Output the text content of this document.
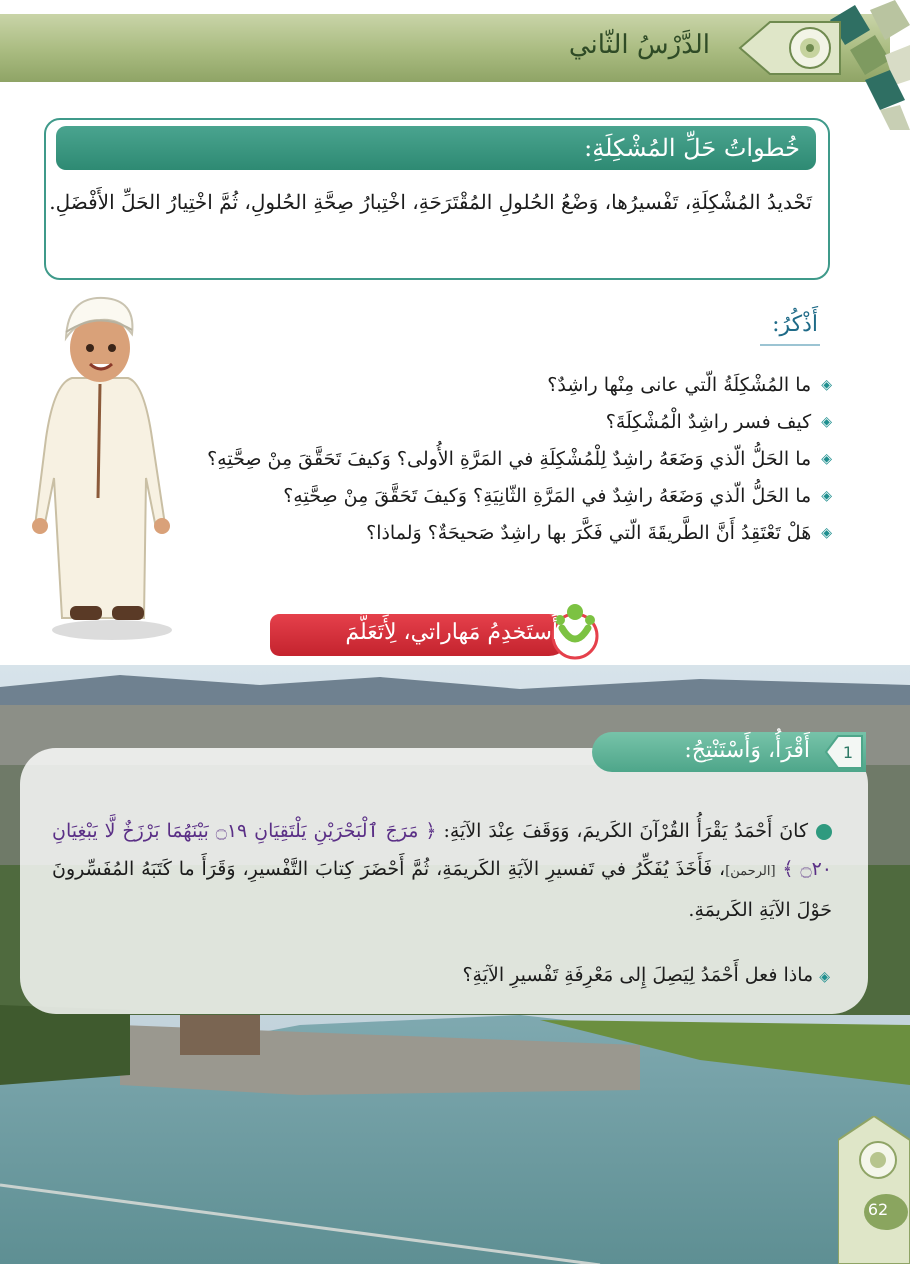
الدَّرْسُ الثّاني
خُطواتُ حَلِّ المُشْكِلَةِ:
تَحْديدُ المُشْكِلَةِ، تَفْسيرُها، وَضْعُ الحُلولِ المُقْتَرَحَةِ، اخْتِبارُ صِحَّةِ الحُلولِ، ثُمَّ اخْتِيارُ الحَلِّ الأَفْضَلِ.
أَذْكُرُ:
◈
ما المُشْكِلَةُ الّتي عانى مِنْها راشِدٌ؟
◈
كيف فسر راشِدٌ الْمُشْكِلَةَ؟
◈
ما الحَلُّ الّذي وَضَعَهُ راشِدٌ لِلْمُشْكِلَةِ في المَرَّةِ الأُولى؟ وَكيفَ تَحَقَّقَ مِنْ صِحَّتِهِ؟
◈
ما الحَلُّ الّذي وَضَعَهُ راشِدٌ في المَرَّةِ الثّانِيَةِ؟ وَكيفَ تَحَقَّقَ مِنْ صِحَّتِهِ؟
◈
هَلْ تَعْتَقِدُ أَنَّ الطَّريقَةَ الّتي فَكَّرَ بها راشِدٌ صَحيحَةٌ؟ وَلماذا؟
أَستَخدِمُ مَهاراتي، لِأَتَعَلَّمَ
1
أَقْرَأُ، وَأَسْتَنْتِجُ:
كانَ أَحْمَدُ يَقْرَأُ القُرْآنَ الكَريمَ، وَوَقَفَ عِنْدَ الآيَةِ: ﴿ مَرَجَ ٱلْبَحْرَيْنِ يَلْتَقِيَانِ ۝١٩ بَيْنَهُمَا بَرْزَخٌ لَّا يَبْغِيَانِ ۝٢٠ ﴾ [الرحمن]، فَأَخَذَ يُفَكِّرُ في تَفسيرِ الآيَةِ الكَريمَةِ، ثُمَّ أَحْضَرَ كِتابَ التَّفْسيرِ، وَقَرَأَ ما كَتَبَهُ المُفَسِّرونَ حَوْلَ الآيَةِ الكَريمَةِ.
◈ ماذا فعل أَحْمَدُ لِيَصِلَ إِلى مَعْرِفَةِ تَفْسيرِ الآيَةِ؟
62
